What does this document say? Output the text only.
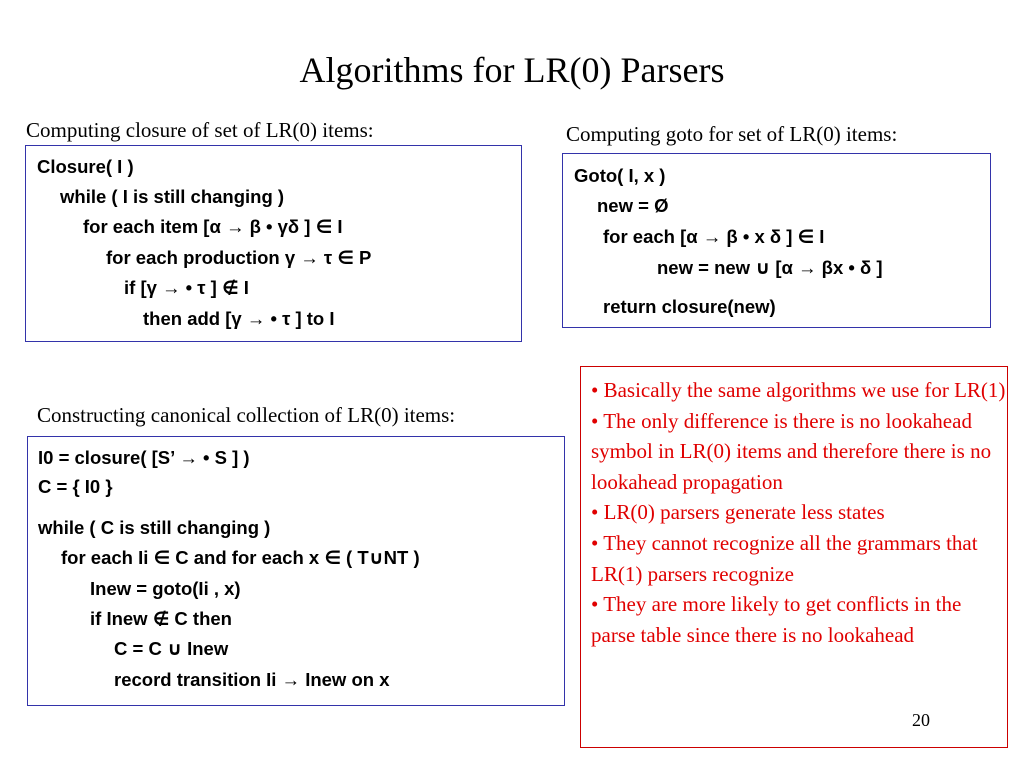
Algorithms for LR(0) Parsers
Computing closure of set of LR(0) items:
Closure( I )
while ( I is still changing )
for each item [α → β • γδ ] ∈ I
for each production γ → τ ∈ P
if [γ → • τ ] ∉ I
then add [γ → • τ ] to I
Computing goto for set of LR(0) items:
Goto( I, x )
new = Ø
for each [α → β • x δ ] ∈ I
new = new ∪ [α → βx • δ ]
return closure(new)
Constructing canonical collection of LR(0) items:
I0 = closure( [S’ → • S ] )
C = { I0 }
while ( C is still changing )
for each Ii ∈ C and for each x ∈ ( T∪NT )
Inew = goto(Ii , x)
if Inew ∉ C then
C = C ∪ Inew
record transition Ii → Inew on x
• Basically the same algorithms we use for LR(1)
• The only difference is there is no lookahead symbol in LR(0) items and therefore there is no lookahead propagation
• LR(0) parsers generate less states
• They cannot recognize all the grammars that LR(1) parsers recognize
• They are more likely to get conflicts in the parse table since there is no lookahead
20
